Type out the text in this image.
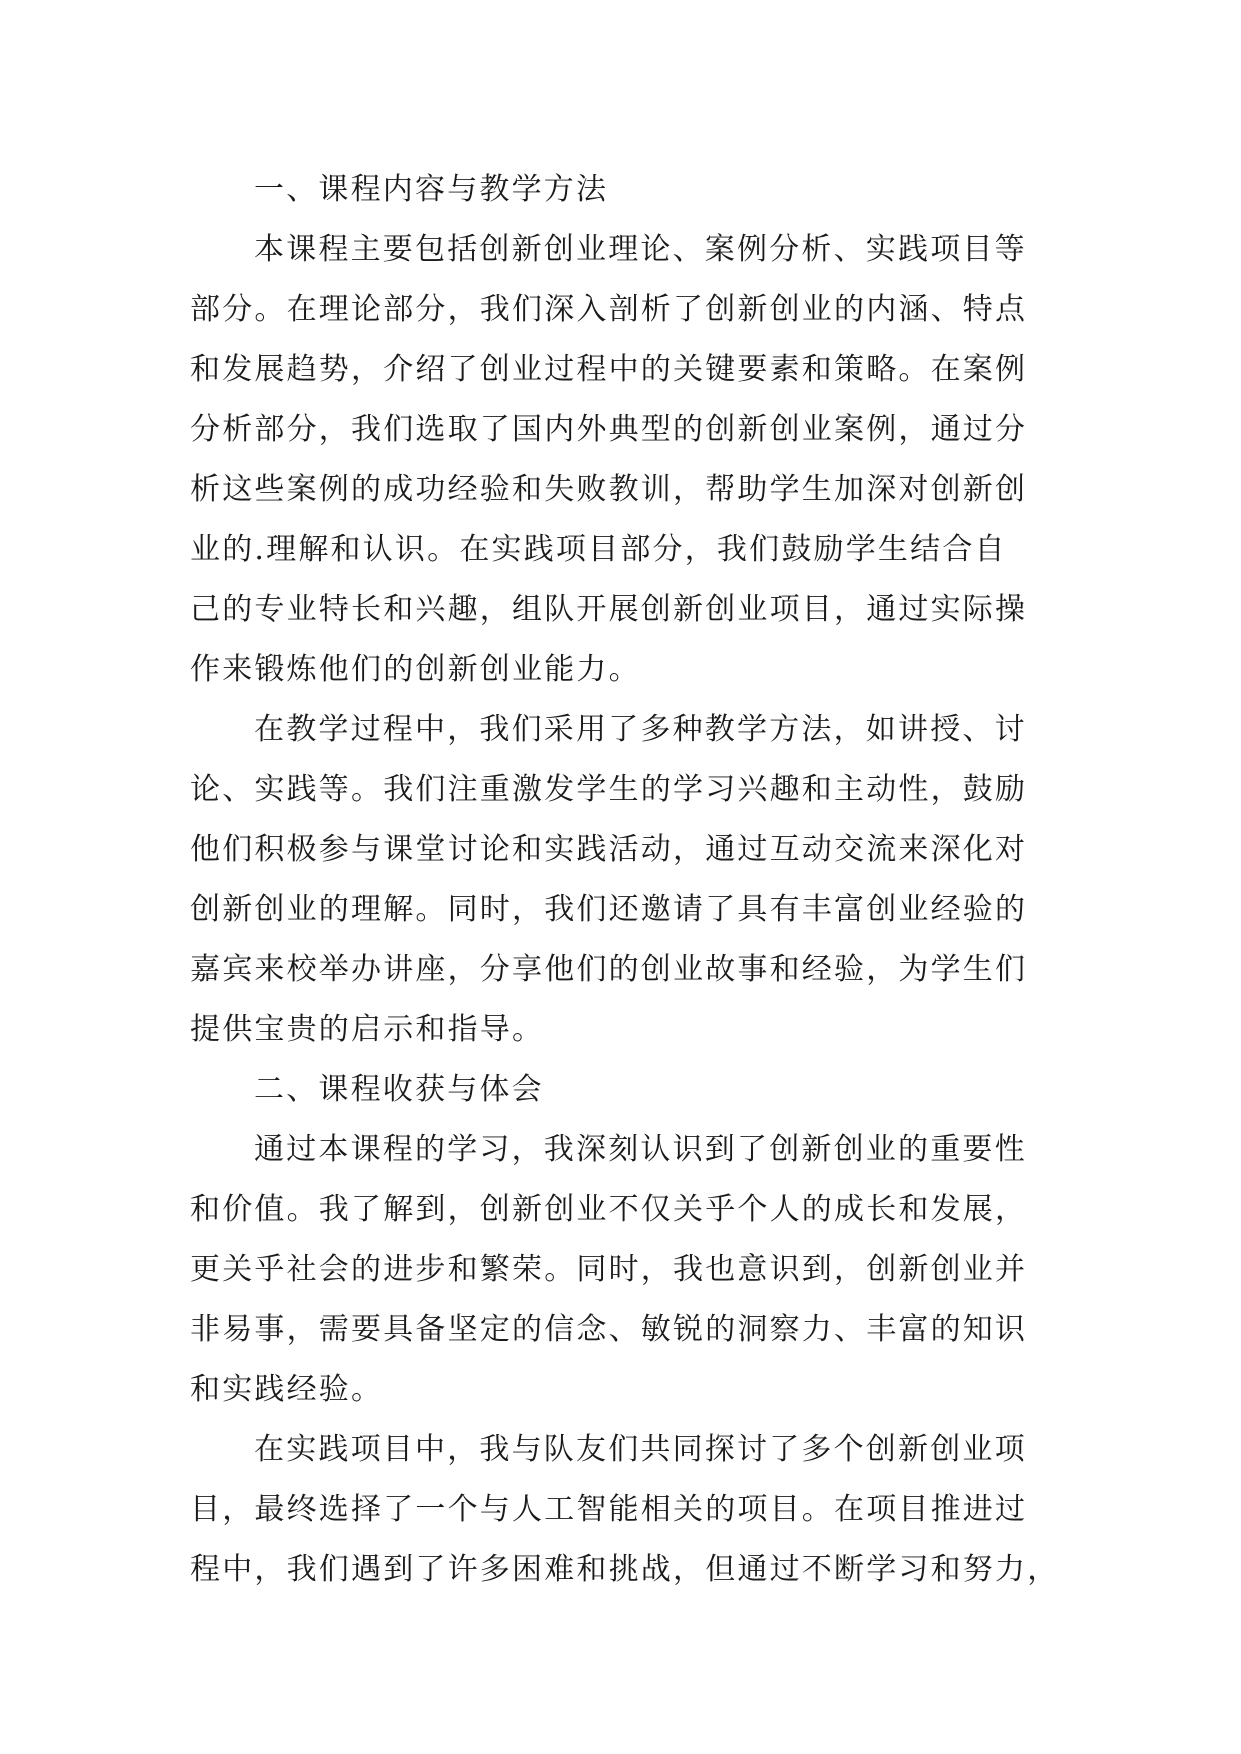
一、课程内容与教学方法

本课程主要包括创新创业理论、案例分析、实践项目等

部分。在理论部分，我们深入剖析了创新创业的内涵、特点

和发展趋势，介绍了创业过程中的关键要素和策略。在案例

分析部分，我们选取了国内外典型的创新创业案例，通过分

析这些案例的成功经验和失败教训，帮助学生加深对创新创

业的.理解和认识。在实践项目部分，我们鼓励学生结合自

己的专业特长和兴趣，组队开展创新创业项目，通过实际操

作来锻炼他们的创新创业能力。

在教学过程中，我们采用了多种教学方法，如讲授、讨

论、实践等。我们注重激发学生的学习兴趣和主动性，鼓励

他们积极参与课堂讨论和实践活动，通过互动交流来深化对

创新创业的理解。同时，我们还邀请了具有丰富创业经验的

嘉宾来校举办讲座，分享他们的创业故事和经验，为学生们

提供宝贵的启示和指导。

二、课程收获与体会

通过本课程的学习，我深刻认识到了创新创业的重要性

和价值。我了解到，创新创业不仅关乎个人的成长和发展，

更关乎社会的进步和繁荣。同时，我也意识到，创新创业并

非易事，需要具备坚定的信念、敏锐的洞察力、丰富的知识

和实践经验。

在实践项目中，我与队友们共同探讨了多个创新创业项

目，最终选择了一个与人工智能相关的项目。在项目推进过

程中，我们遇到了许多困难和挑战，但通过不断学习和努力，
